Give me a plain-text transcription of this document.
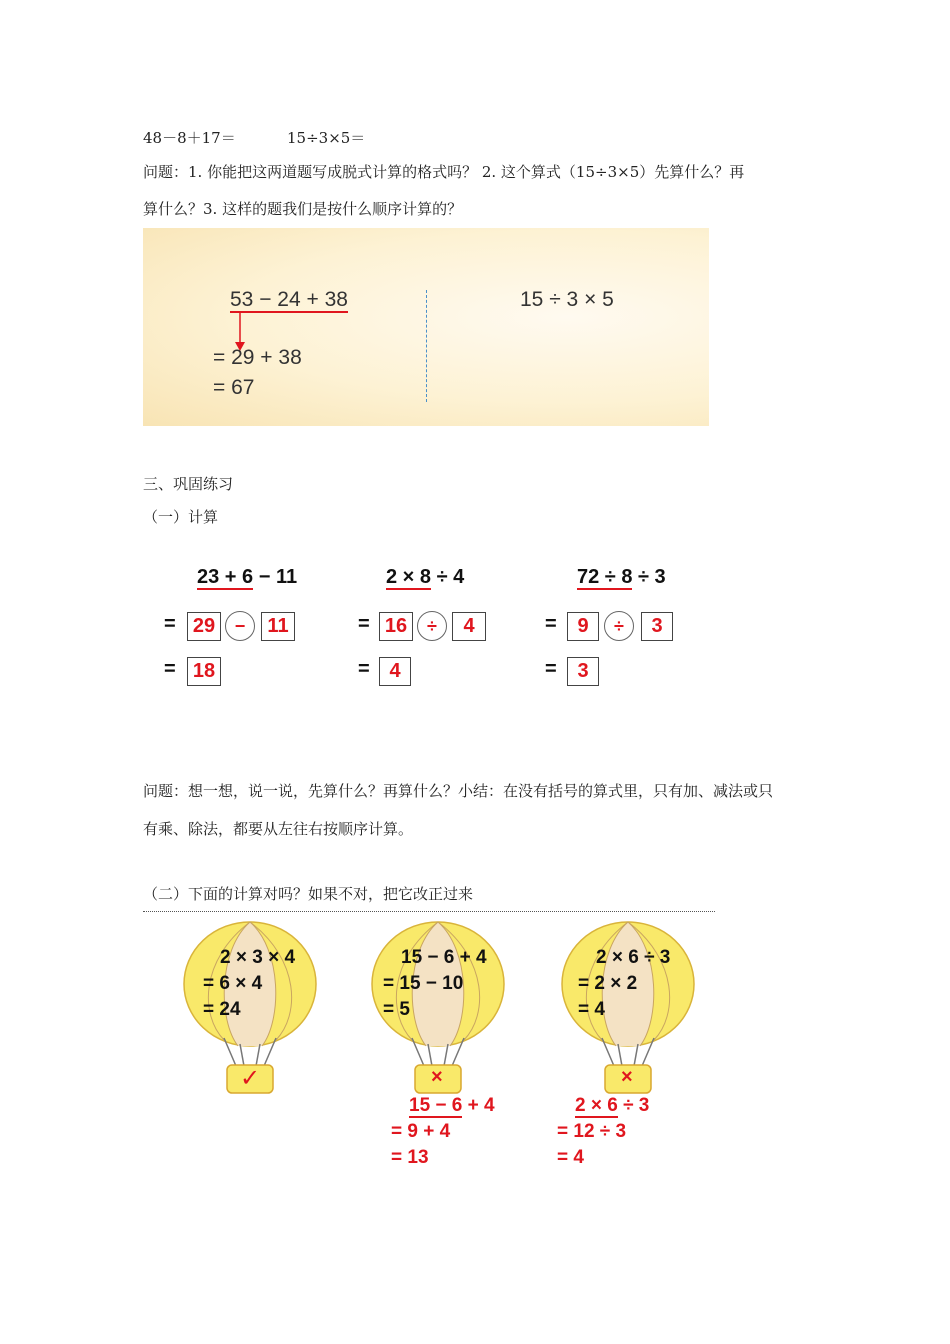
48－8＋17＝	15÷3×5＝
问题：1. 你能把这两道题写成脱式计算的格式吗？ 2. 这个算式（15÷3×5）先算什么？再
算什么？3. 这样的题我们是按什么顺序计算的？
53 − 24 + 38
= 29 + 38
= 67
15 ÷ 3 × 5
三、巩固练习
（一）计算
23 + 6 − 11
= 29	−	11
= 18
2 × 8 ÷ 4
= 16	÷	4
= 4
72 ÷ 8 ÷ 3
=	9	÷	3
=	3
问题：想一想，说一说，先算什么？再算什么？小结：在没有括号的算式里，只有加、减法或只
有乘、除法，都要从左往右按顺序计算。
（二）下面的计算对吗？如果不对，把它改正过来
2 × 3 × 4
= 6 × 4
= 24
✓
15 − 6 + 4
= 15 − 10
= 5
×
2 × 6 ÷ 3
= 2 × 2
= 4
×
15 − 6 + 4
= 9 + 4
= 13
2 × 6 ÷ 3
= 12 ÷ 3
= 4
